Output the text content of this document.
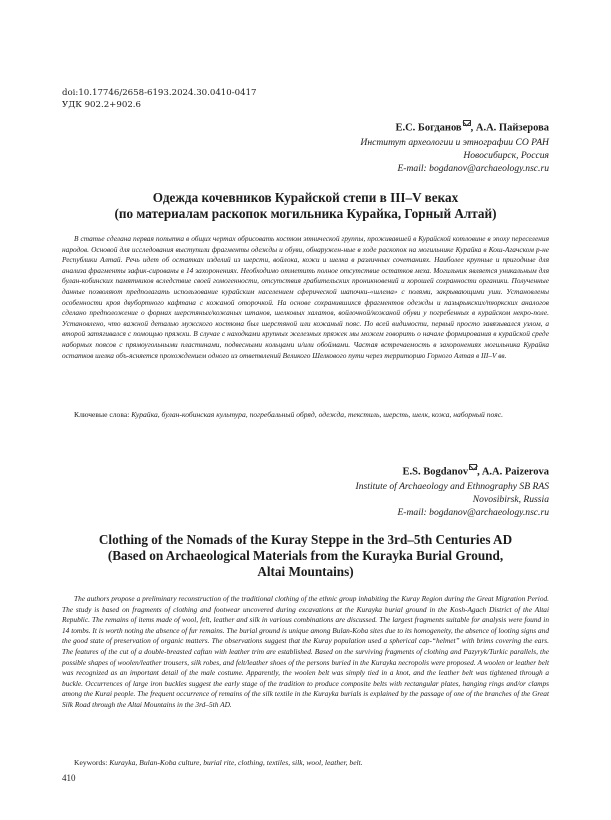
doi:10.17746/2658-6193.2024.30.0410-0417
УДК 902.2+902.6
Е.С. Богданов , А.А. Пайзерова
Институт археологии и этнографии СО РАН
Новосибирск, Россия
E-mail: bogdanov@archaeology.nsc.ru
Одежда кочевников Курайской степи в III–V веках
(по материалам раскопок могильника Курайка, Горный Алтай)

В статье сделана первая попытка в общих чертах обрисовать костюм этнической группы, проживавшей в Курайской котловине в эпоху переселения народов. Основой для исследования выступили фрагменты одежды и обуви, обнаружен-ные в ходе раскопок на могильнике Курайка в Кош-Агачском р-не Республики Алтай. Речь идет об остатках изделий из шерсти, войлока, кожи и шелка в различных сочетаниях. Наиболее крупные и пригодные для анализа фрагменты зафик-сированы в 14 захоронениях. Необходимо отметить полное отсутствие остатков меха. Могильник является уникальным для булан-кобинских памятников вследствие своей гомогенности, отсутствия грабительских проникновений и хорошей сохранности органики. Полученные данные позволяют предполагать использование курайским населением сферической шапочки-«шлема» с полями, закрывающими уши. Установлены особенности кроя двубортного кафтана с кожаной оторочкой. На основе сохранившихся фрагментов одежды и пазырыкских/тюркских аналогов сделано предположение о формах шерстяных/кожаных штанов, шелковых халатов, войлочной/кожаной обуви у погребенных в курайском некро-поле. Установлено, что важной деталью мужского костюма был шерстяной или кожаный пояс. По всей видимости, первый просто завязывался узлом, а второй затягивался с помощью пряжки. В случае с находками крупных железных пряжек мы можем говорить о начале формирования в курайской среде наборных поясов с прямоугольными пластинами, подвесными кольцами и/или обоймами. Частая встречаемость в захоронениях могильника Курайка остатков шелка объ-ясняется прохождением одного из ответвлений Великого Шелкового пути через территорию Горного Алтая в III–V вв.

Ключевые слова: Курайка, булан-кобинская культура, погребальный обряд, одежда, текстиль, шерсть, шелк, кожа, наборный пояс.

E.S. Bogdanov , A.A. Paizerova
Institute of Archaeology and Ethnography SB RAS
Novosibirsk, Russia
E-mail: bogdanov@archaeology.nsc.ru
Clothing of the Nomads of the Kuray Steppe in the 3rd–5th Centuries AD
(Based on Archaeological Materials from the Kurayka Burial Ground,
Altai Mountains)

The authors propose a preliminary reconstruction of the traditional clothing of the ethnic group inhabiting the Kuray Region during the Great Migration Period. The study is based on fragments of clothing and footwear uncovered during excavations at the Kurayka burial ground in the Kosh-Agach District of the Altai Republic. The remains of items made of wool, felt, leather and silk in various combinations are discussed. The largest fragments suitable for analysis were found in 14 tombs. It is worth noting the absence of fur remains. The burial ground is unique among Bulan-Koba sites due to its homogeneity, the absence of looting signs and the good state of preservation of organic matters. The observations suggest that the Kuray population used a spherical cap-“helmet” with brims covering the ears. The features of the cut of a double-breasted caftan with leather trim are established. Based on the surviving fragments of clothing and Pazyryk/Turkic parallels, the possible shapes of woolen/leather trousers, silk robes, and felt/leather shoes of the persons buried in the Kurayka necropolis were proposed. A woolen or leather belt was recognized as an important detail of the male costume. Apparently, the woolen belt was simply tied in a knot, and the leather belt was tightened through a buckle. Occurrences of large iron buckles suggest the early stage of the tradition to produce composite belts with rectangular plates, hanging rings and/or clamps among the Kurai people. The frequent occurrence of remains of the silk textile in the Kurayka burials is explained by the passage of one of the branches of the Great Silk Road through the Altai Mountains in the 3rd–5th AD.

Keywords: Kurayka, Bulan-Koba culture, burial rite, clothing, textiles, silk, wool, leather, belt.

410
